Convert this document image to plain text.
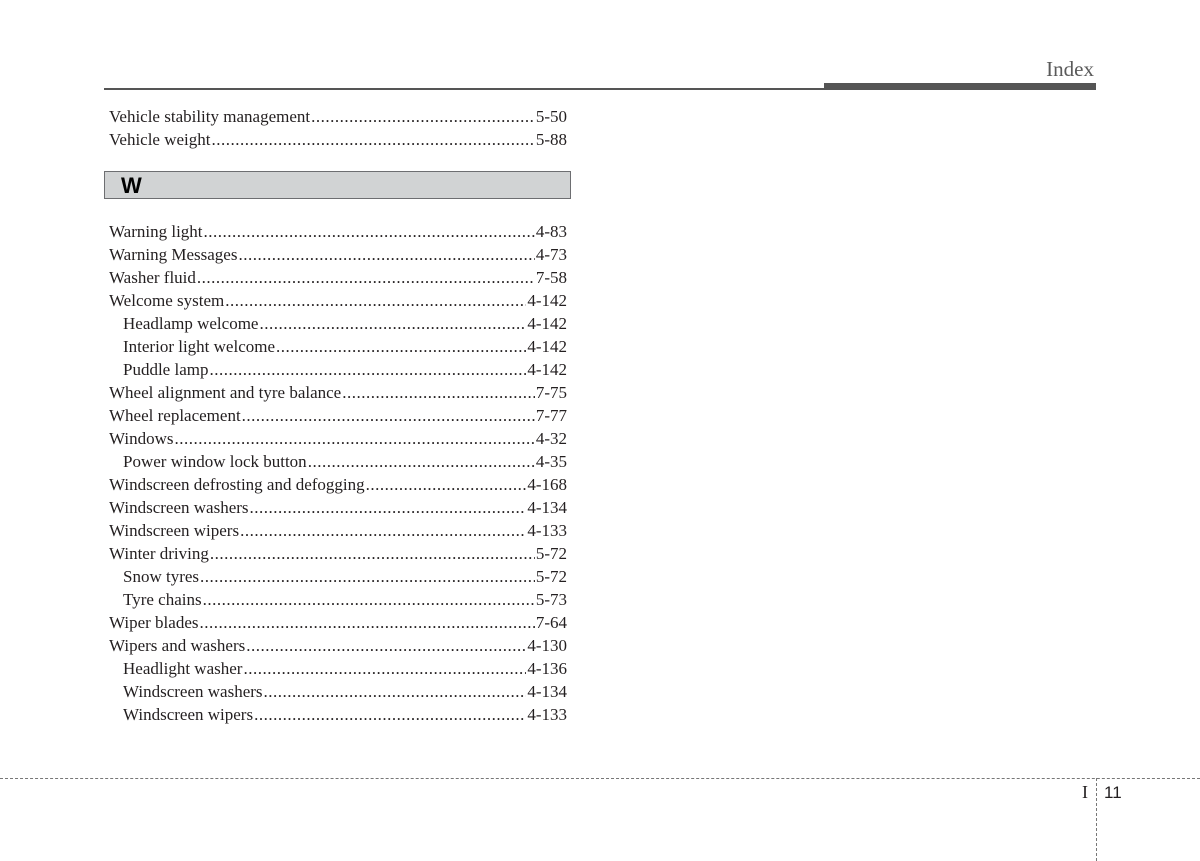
Index
Vehicle stability management .....	5-50
Vehicle weight .....	5-88
W
Warning light .....	4-83
Warning Messages .....	4-73
Washer fluid .....	7-58
Welcome system .....	4-142
Headlamp welcome .....	4-142
Interior light welcome .....	4-142
Puddle lamp .....	4-142
Wheel alignment and tyre balance .....	7-75
Wheel replacement .....	7-77
Windows .....	4-32
Power window lock button .....	4-35
Windscreen defrosting and defogging .....	4-168
Windscreen washers .....	4-134
Windscreen wipers .....	4-133
Winter driving .....	5-72
Snow tyres .....	5-72
Tyre chains .....	5-73
Wiper blades .....	7-64
Wipers and washers .....	4-130
Headlight washer .....	4-136
Windscreen washers .....	4-134
Windscreen wipers .....	4-133
I 11
